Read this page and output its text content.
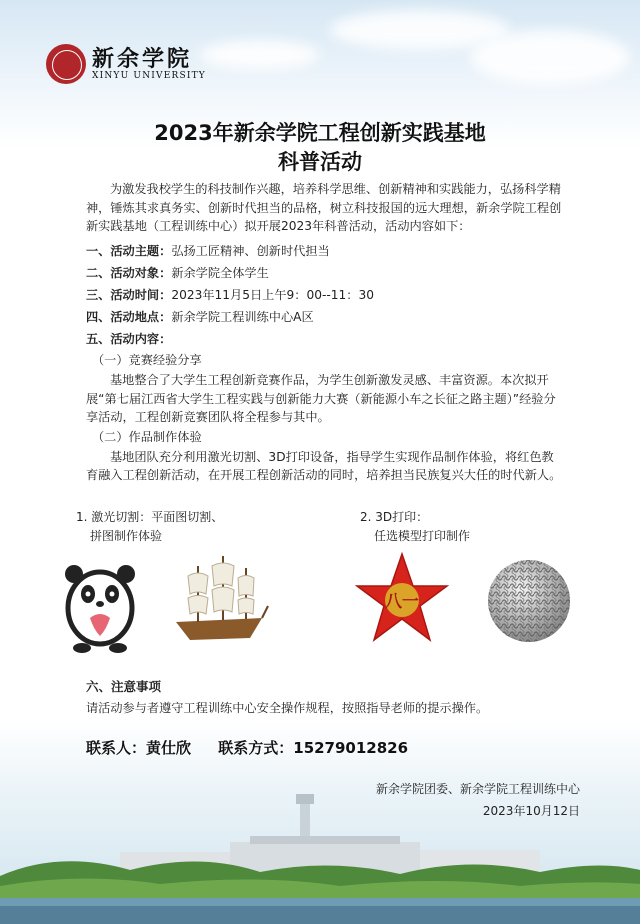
新余学院
XINYU UNIVERSITY
2023年新余学院工程创新实践基地
科普活动

为激发我校学生的科技制作兴趣，培养科学思维、创新精神和实践能力，弘扬科学精神，锤炼其求真务实、创新时代担当的品格，树立科技报国的远大理想，新余学院工程创新实践基地（工程训练中心）拟开展2023年科普活动，活动内容如下：

一、活动主题：弘扬工匠精神、创新时代担当

二、活动对象：新余学院全体学生

三、活动时间：2023年11月5日上午9：00--11：30

四、活动地点：新余学院工程训练中心A区

五、活动内容：

（一）竞赛经验分享

基地整合了大学生工程创新竞赛作品，为学生创新激发灵感、丰富资源。本次拟开展“第七届江西省大学生工程实践与创新能力大赛（新能源小车之长征之路主题）”经验分享活动，工程创新竞赛团队将全程参与其中。

（二）作品制作体验

基地团队充分利用激光切割、3D打印设备，指导学生实现作品制作体验，将红色教育融入工程创新活动，在开展工程创新活动的同时，培养担当民族复兴大任的时代新人。

1. 激光切割：平面图切割、
拼图制作体验
2. 3D打印：
任选模型打印制作
八一
六、注意事项
请活动参与者遵守工程训练中心安全操作规程，按照指导老师的提示操作。
联系人：黄仕欣 联系方式：15279012826
新余学院团委、新余学院工程训练中心
2023年10月12日
